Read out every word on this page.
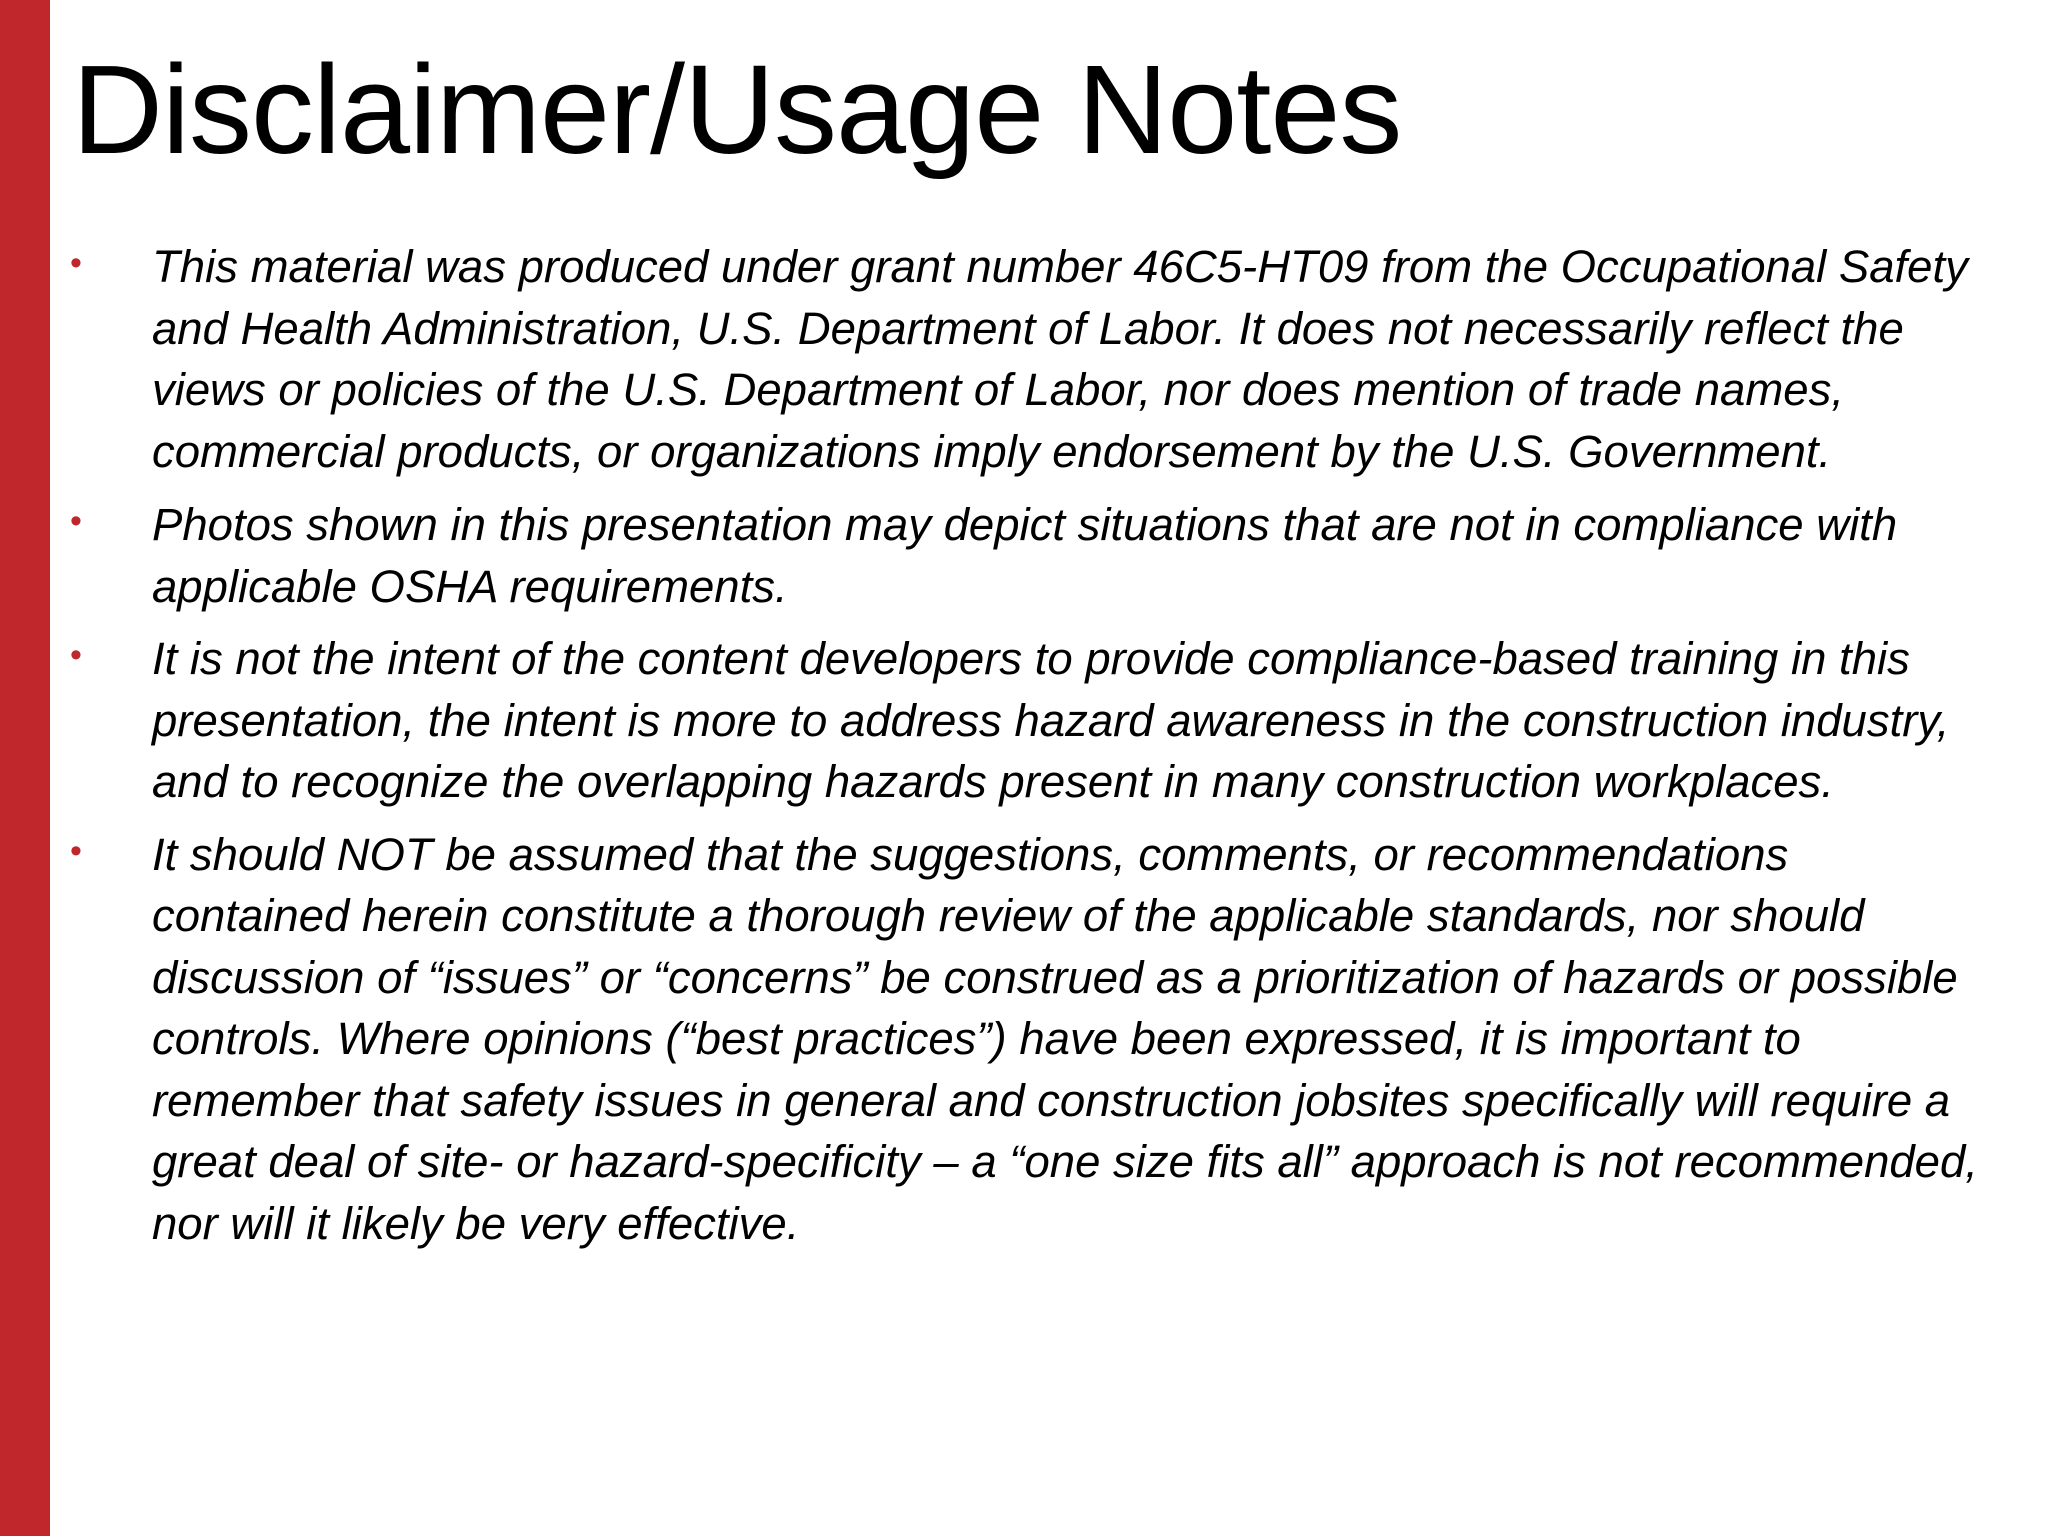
Disclaimer/Usage Notes
• This material was produced under grant number 46C5-HT09 from the Occupational Safety and Health Administration, U.S. Department of Labor. It does not necessarily reflect the views or policies of the U.S. Department of Labor, nor does mention of trade names, commercial products, or organizations imply endorsement by the U.S. Government.
• Photos shown in this presentation may depict situations that are not in compliance with applicable OSHA requirements.
• It is not the intent of the content developers to provide compliance-based training in this presentation, the intent is more to address hazard awareness in the construction industry, and to recognize the overlapping hazards present in many construction workplaces.
• It should NOT be assumed that the suggestions, comments, or recommendations contained herein constitute a thorough review of the applicable standards, nor should discussion of “issues” or “concerns” be construed as a prioritization of hazards or possible controls. Where opinions (“best practices”) have been expressed, it is important to remember that safety issues in general and construction jobsites specifically will require a great deal of site- or hazard-specificity – a “one size fits all” approach is not recommended, nor will it likely be very effective.
